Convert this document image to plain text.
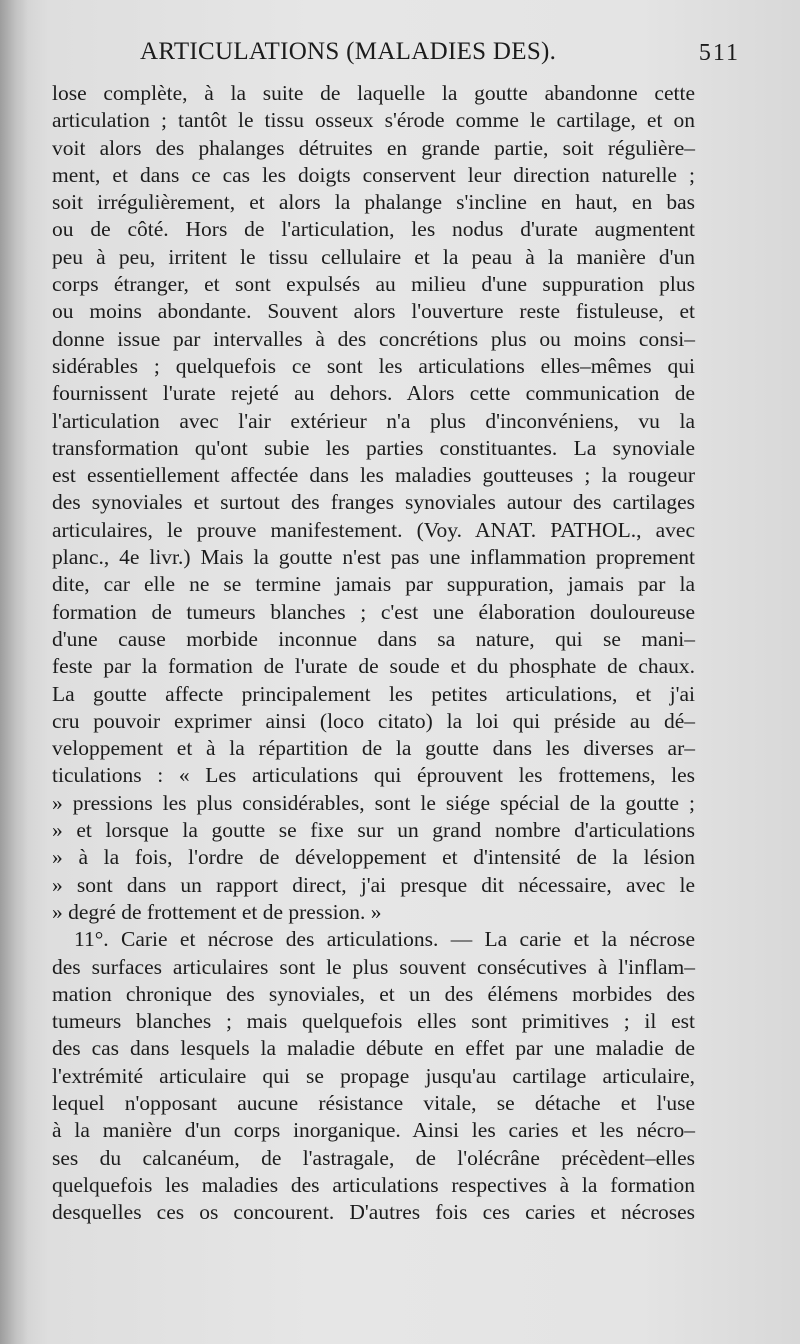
ARTICULATIONS (MALADIES DES).	511
lose complète, à la suite de laquelle la goutte abandonne cette
articulation ; tantôt le tissu osseux s'érode comme le cartilage, et on
voit alors des phalanges détruites en grande partie, soit régulière–
ment, et dans ce cas les doigts conservent leur direction naturelle ;
soit irrégulièrement, et alors la phalange s'incline en haut, en bas
ou de côté. Hors de l'articulation, les nodus d'urate augmentent
peu à peu, irritent le tissu cellulaire et la peau à la manière d'un
corps étranger, et sont expulsés au milieu d'une suppuration plus
ou moins abondante. Souvent alors l'ouverture reste fistuleuse, et
donne issue par intervalles à des concrétions plus ou moins consi–
sidérables ; quelquefois ce sont les articulations elles–mêmes qui
fournissent l'urate rejeté au dehors. Alors cette communication de
l'articulation avec l'air extérieur n'a plus d'inconvéniens, vu la
transformation qu'ont subie les parties constituantes. La synoviale
est essentiellement affectée dans les maladies goutteuses ; la rougeur
des synoviales et surtout des franges synoviales autour des cartilages
articulaires, le prouve manifestement. (Voy. ANAT. PATHOL., avec
planc., 4e livr.) Mais la goutte n'est pas une inflammation proprement
dite, car elle ne se termine jamais par suppuration, jamais par la
formation de tumeurs blanches ; c'est une élaboration douloureuse
d'une cause morbide inconnue dans sa nature, qui se mani–
feste par la formation de l'urate de soude et du phosphate de chaux.
La goutte affecte principalement les petites articulations, et j'ai
cru pouvoir exprimer ainsi (loco citato) la loi qui préside au dé–
veloppement et à la répartition de la goutte dans les diverses ar–
ticulations : « Les articulations qui éprouvent les frottemens, les
» pressions les plus considérables, sont le siége spécial de la goutte ;
» et lorsque la goutte se fixe sur un grand nombre d'articulations
» à la fois, l'ordre de développement et d'intensité de la lésion
» sont dans un rapport direct, j'ai presque dit nécessaire, avec le
» degré de frottement et de pression. »
11°. Carie et nécrose des articulations. — La carie et la nécrose
des surfaces articulaires sont le plus souvent consécutives à l'inflam–
mation chronique des synoviales, et un des élémens morbides des
tumeurs blanches ; mais quelquefois elles sont primitives ; il est
des cas dans lesquels la maladie débute en effet par une maladie de
l'extrémité articulaire qui se propage jusqu'au cartilage articulaire,
lequel n'opposant aucune résistance vitale, se détache et l'use
à la manière d'un corps inorganique. Ainsi les caries et les nécro–
ses du calcanéum, de l'astragale, de l'olécrâne précèdent–elles
quelquefois les maladies des articulations respectives à la formation
desquelles ces os concourent. D'autres fois ces caries et nécroses
